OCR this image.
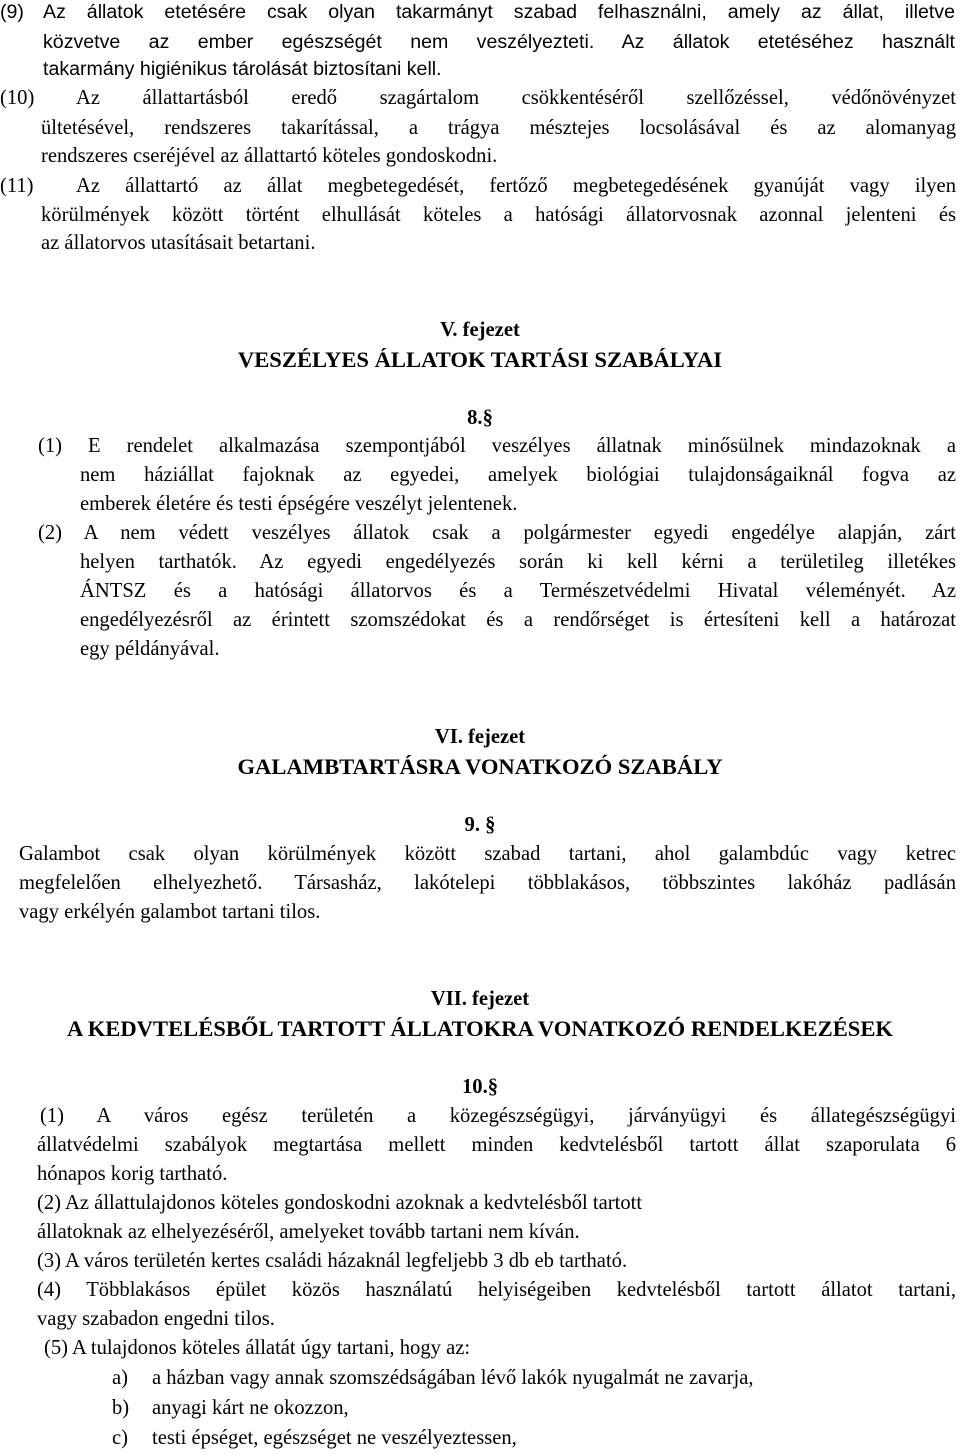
(9) Az állatok etetésére csak olyan takarmányt szabad felhasználni, amely az állat, illetve
közvetve az ember egészségét nem veszélyezteti. Az állatok etetéséhez használt
takarmány higiénikus tárolását biztosítani kell.
(10) Az állattartásból eredő szagártalom csökkentéséről szellőzéssel, védőnövényzet
ültetésével, rendszeres takarítással, a trágya mésztejes locsolásával és az alomanyag
rendszeres cseréjével az állattartó köteles gondoskodni.
(11) Az állattartó az állat megbetegedését, fertőző megbetegedésének gyanúját vagy ilyen
körülmények között történt elhullását köteles a hatósági állatorvosnak azonnal jelenteni és
az állatorvos utasításait betartani.
V. fejezet
VESZÉLYES ÁLLATOK TARTÁSI SZABÁLYAI
8.§
(1) E rendelet alkalmazása szempontjából veszélyes állatnak minősülnek mindazoknak a
nem háziállat fajoknak az egyedei, amelyek biológiai tulajdonságaiknál fogva az
emberek életére és testi épségére veszélyt jelentenek.
(2) A nem védett veszélyes állatok csak a polgármester egyedi engedélye alapján, zárt
helyen tarthatók. Az egyedi engedélyezés során ki kell kérni a területileg illetékes
ÁNTSZ és a hatósági állatorvos és a Természetvédelmi Hivatal véleményét. Az
engedélyezésről az érintett szomszédokat és a rendőrséget is értesíteni kell a határozat
egy példányával.
VI. fejezet
GALAMBTARTÁSRA VONATKOZÓ SZABÁLY
9. §
Galambot csak olyan körülmények között szabad tartani, ahol galambdúc vagy ketrec
megfelelően elhelyezhető. Társasház, lakótelepi többlakásos, többszintes lakóház padlásán
vagy erkélyén galambot tartani tilos.
VII. fejezet
A KEDVTELÉSBŐL TARTOTT ÁLLATOKRA VONATKOZÓ RENDELKEZÉSEK
10.§
(1) A város egész területén a közegészségügyi, járványügyi és állategészségügyi
állatvédelmi szabályok megtartása mellett minden kedvtelésből tartott állat szaporulata 6
hónapos korig tartható.
(2) Az állattulajdonos köteles gondoskodni azoknak a kedvtelésből tartott
állatoknak az elhelyezéséről, amelyeket tovább tartani nem kíván.
(3) A város területén kertes családi házaknál legfeljebb 3 db eb tartható.
(4) Többlakásos épület közös használatú helyiségeiben kedvtelésből tartott állatot tartani,
vagy szabadon engedni tilos.
(5) A tulajdonos köteles állatát úgy tartani, hogy az:
a) a házban vagy annak szomszédságában lévő lakók nyugalmát ne zavarja,
b) anyagi kárt ne okozzon,
c) testi épséget, egészséget ne veszélyeztessen,
